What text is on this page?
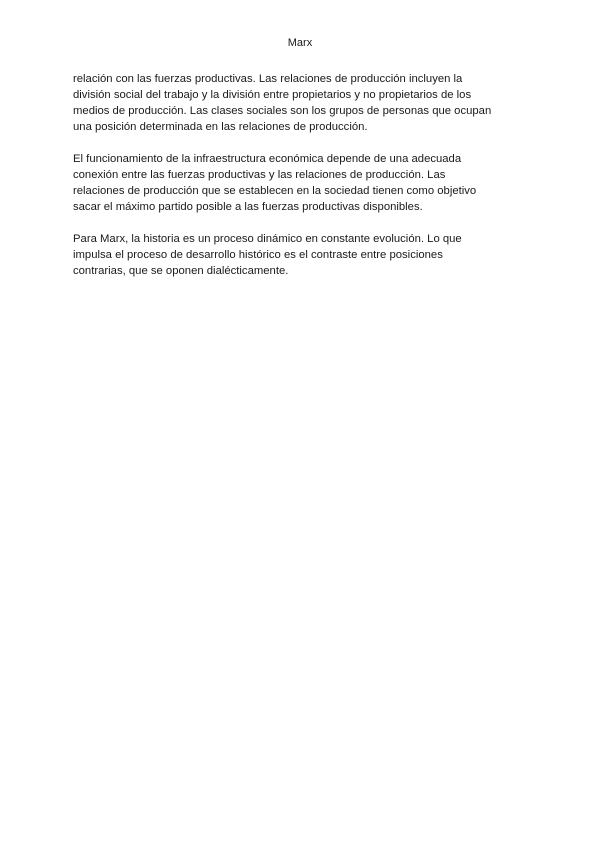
Marx

relación con las fuerzas productivas. Las relaciones de producción incluyen la
división social del trabajo y la división entre propietarios y no propietarios de los
medios de producción. Las clases sociales son los grupos de personas que ocupan
una posición determinada en las relaciones de producción.

El funcionamiento de la infraestructura económica depende de una adecuada
conexión entre las fuerzas productivas y las relaciones de producción. Las
relaciones de producción que se establecen en la sociedad tienen como objetivo
sacar el máximo partido posible a las fuerzas productivas disponibles.

Para Marx, la historia es un proceso dinámico en constante evolución. Lo que
impulsa el proceso de desarrollo histórico es el contraste entre posiciones
contrarias, que se oponen dialécticamente.
